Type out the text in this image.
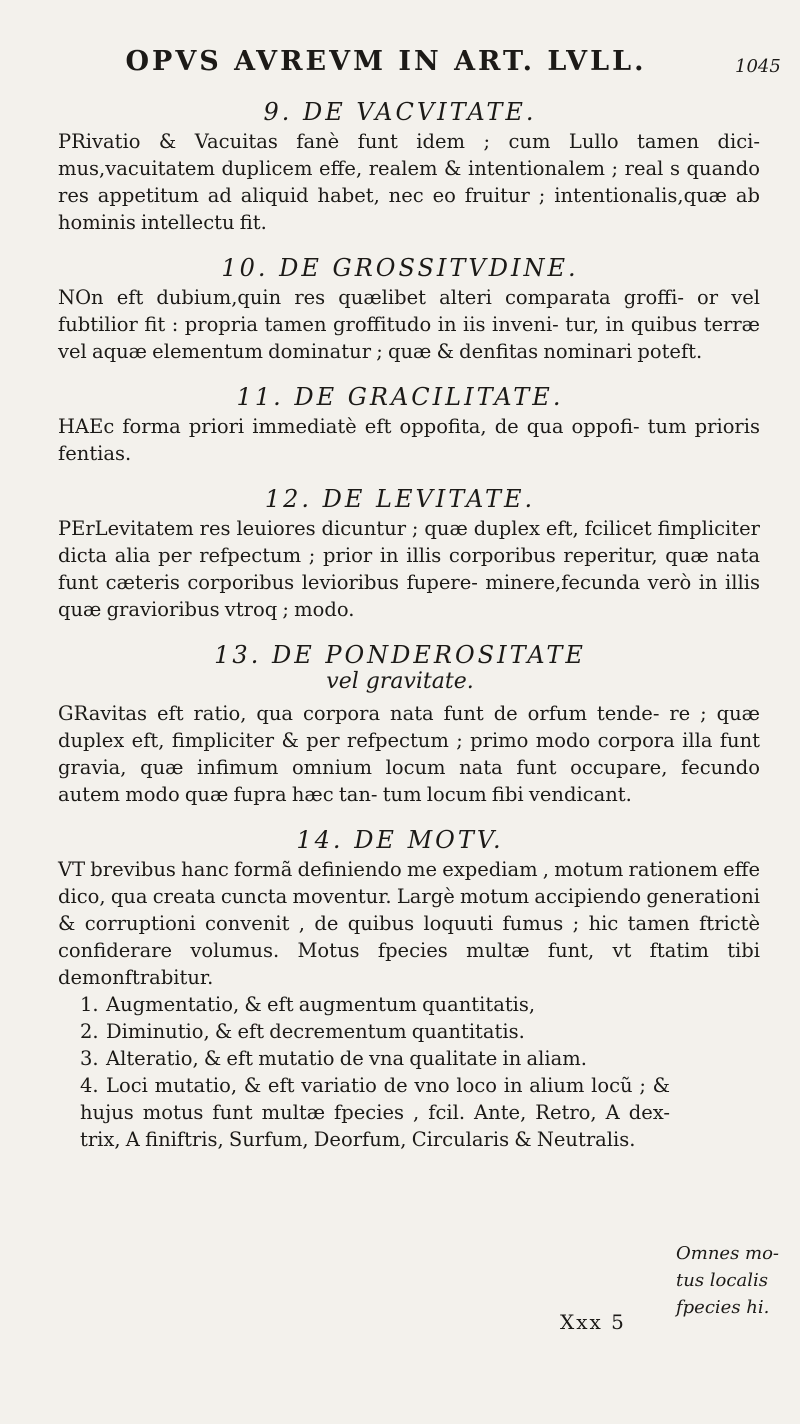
OPVS AVREVM IN ART. LVLL.	1045
9. DE VACVITATE.

PRivatio & Vacuitas fanè funt idem ; cum Lullo tamen dici- mus,vacuitatem duplicem effe, realem & intentionalem ; real s quando res appetitum ad aliquid habet, nec eo fruitur ; intentionalis,quæ ab hominis intellectu fit.

10. DE GROSSITVDINE.

NOn eft dubium,quin res quælibet alteri comparata groffi- or vel fubtilior fit : propria tamen groffitudo in iis inveni- tur, in quibus terræ vel aquæ elementum dominatur ; quæ & denfitas nominari poteft.

11. DE GRACILITATE.

HAEc forma priori immediatè eft oppofita, de qua oppofi- tum prioris fentias.

12. DE LEVITATE.

PErLevitatem res leuiores dicuntur ; quæ duplex eft, fcilicet fimpliciter dicta alia per refpectum ; prior in illis corporibus reperitur, quæ nata funt cæteris corporibus levioribus fupere- minere,fecunda verò in illis quæ gravioribus vtroq ; modo.

13. DE PONDEROSITATE
vel gravitate.

GRavitas eft ratio, qua corpora nata funt de orfum tende- re ; quæ duplex eft, fimpliciter & per refpectum ; primo modo corpora illa funt gravia, quæ infimum omnium locum nata funt occupare, fecundo autem modo quæ fupra hæc tan- tum locum fibi vendicant.

14. DE MOTV.

VT brevibus hanc formã definiendo me expediam , motum rationem effe dico, qua creata cuncta moventur. Largè motum accipiendo generationi & corruptioni convenit , de quibus loquuti fumus ; hic tamen ftrictè confiderare volumus. Motus fpecies multæ funt, vt ftatim tibi demonftrabitur.

1. Augmentatio, & eft augmentum quantitatis,
2. Diminutio, & eft decrementum quantitatis.
3. Alteratio, & eft mutatio de vna qualitate in aliam.
4. Loci mutatio, & eft variatio de vno loco in alium locũ ; & hujus motus funt multæ fpecies , fcil. Ante, Retro, A dex- trix, A finiftris, Surfum, Deorfum, Circularis & Neutralis.
Omnes mo- tus localis fpecies hi.
Xxx 5
